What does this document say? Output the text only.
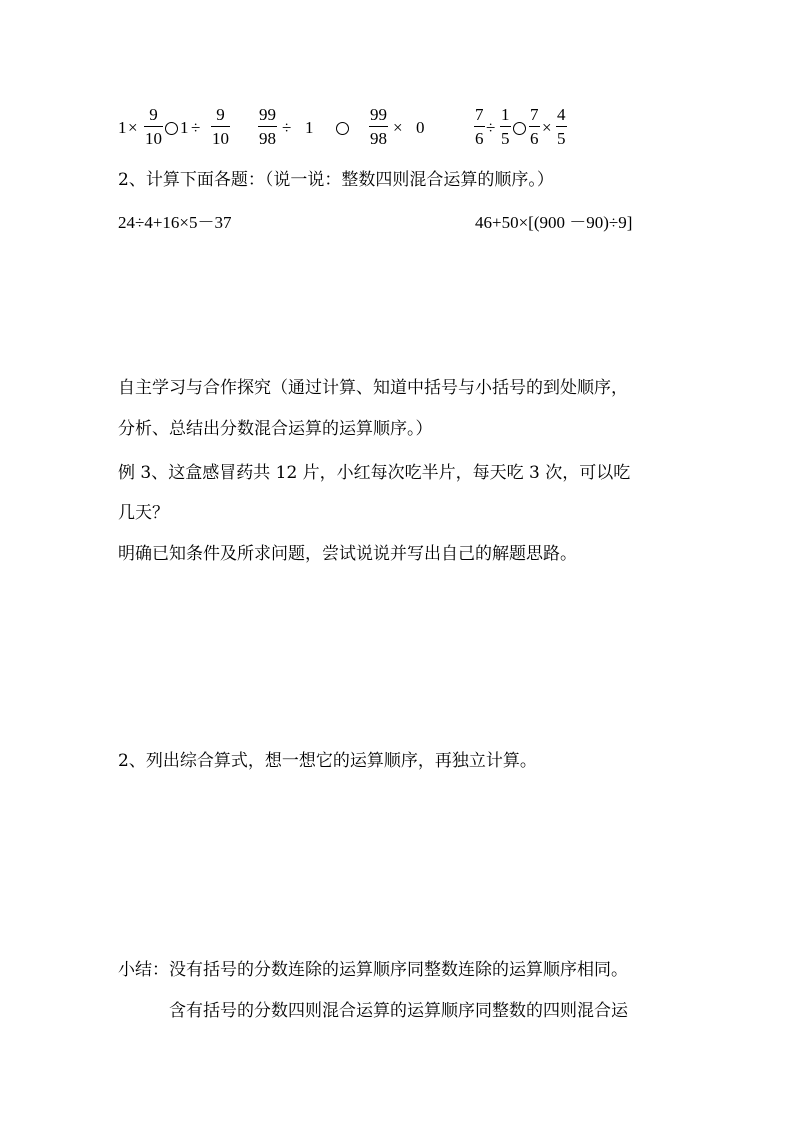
1 ×
9
10
1 ÷
9
10
99
98
÷ 1
99
98
× 0
7
6
÷
1
5
7
6
×
4
5
2、计算下面各题：（说一说：整数四则混合运算的顺序。）
24÷4+16×5－37	46+50×[(900 －90)÷9]
自主学习与合作探究（通过计算、知道中括号与小括号的到处顺序，
分析、总结出分数混合运算的运算顺序。）
例 3、这盒感冒药共 12 片，小红每次吃半片，每天吃 3 次，可以吃
几天？
明确已知条件及所求问题，尝试说说并写出自己的解题思路。
2、列出综合算式，想一想它的运算顺序，再独立计算。
小结：没有括号的分数连除的运算顺序同整数连除的运算顺序相同。
含有括号的分数四则混合运算的运算顺序同整数的四则混合运
